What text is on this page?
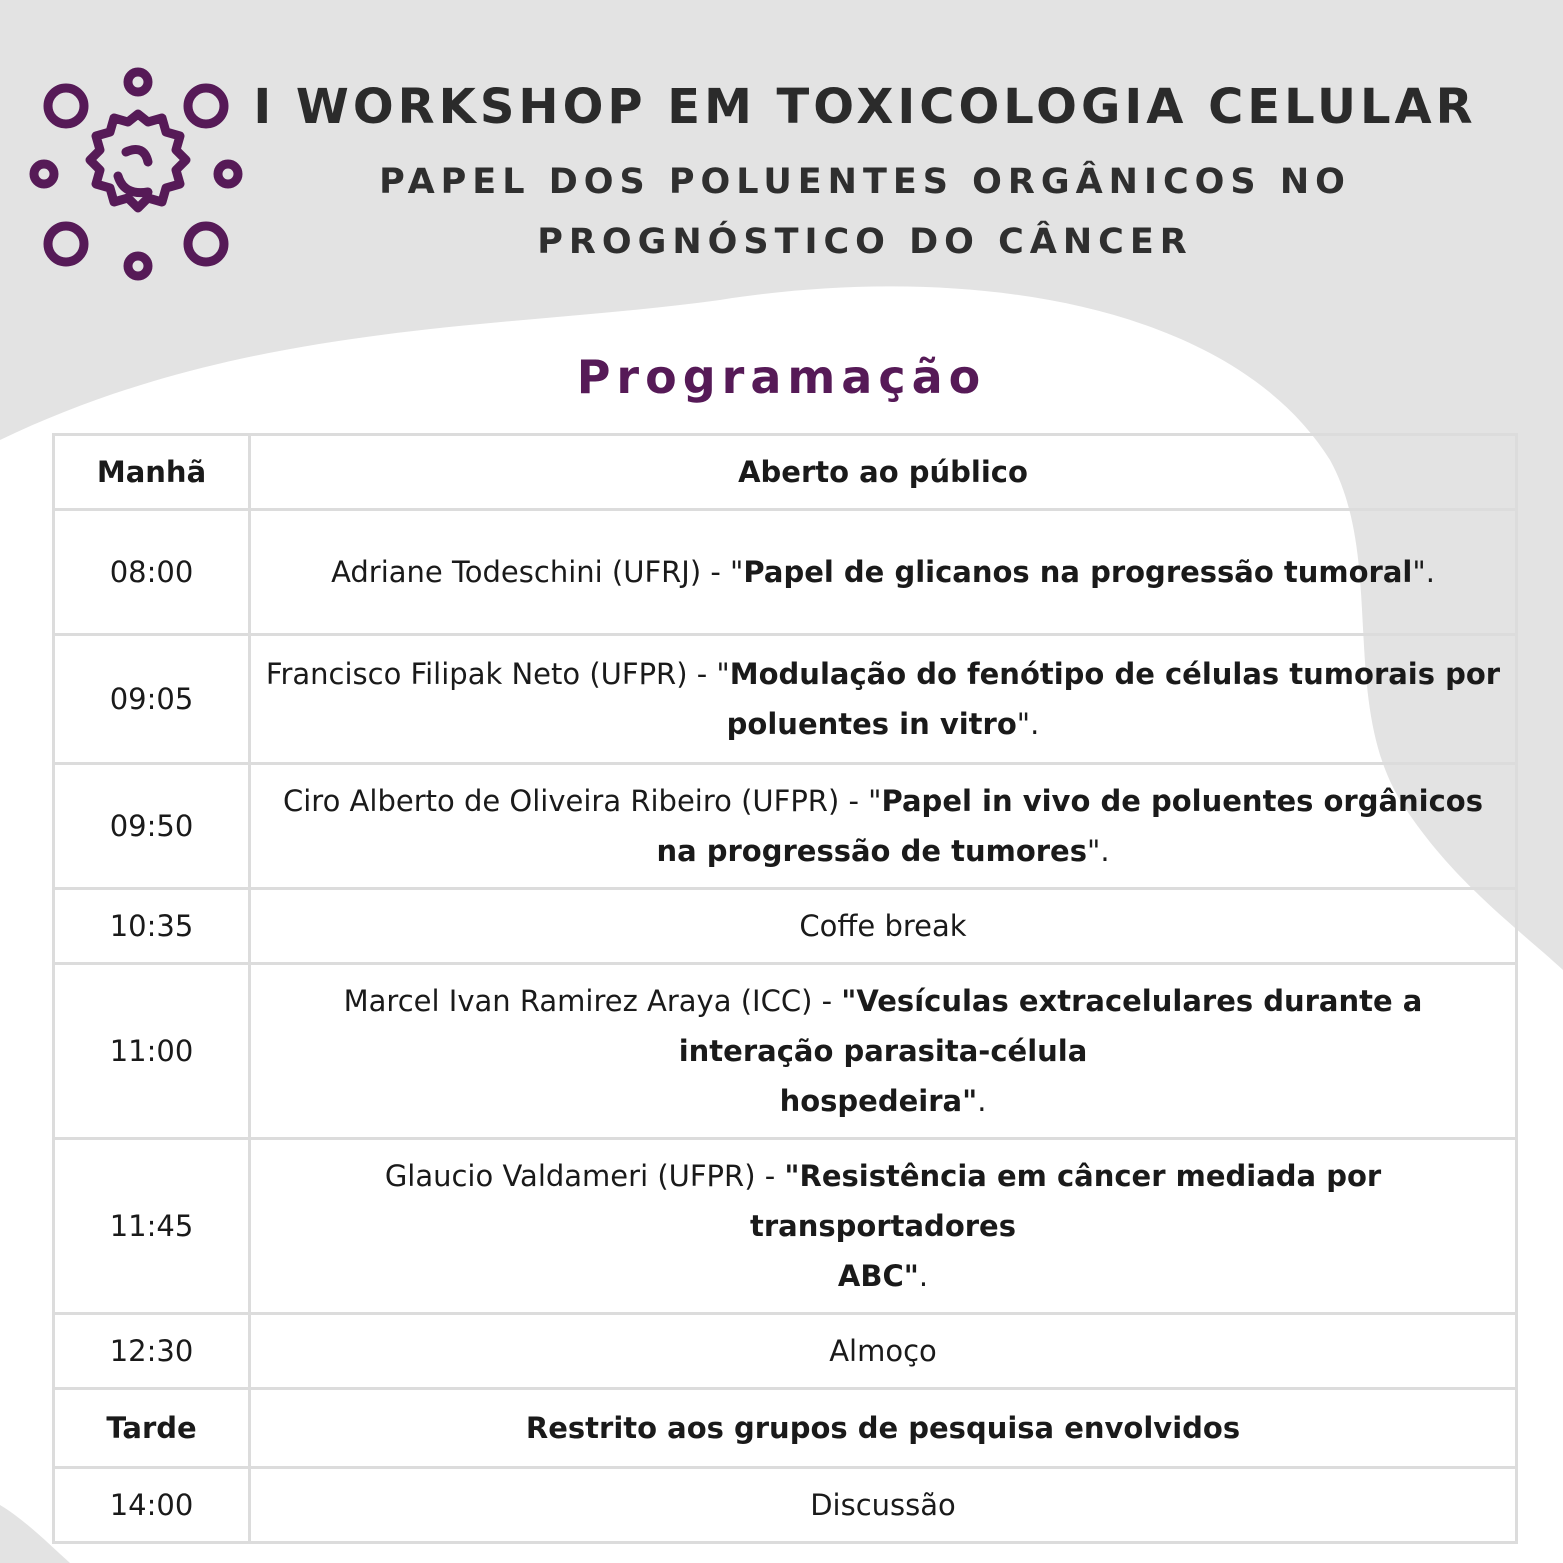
I WORKSHOP EM TOXICOLOGIA CELULAR
PAPEL DOS POLUENTES ORGÂNICOS NO PROGNÓSTICO DO CÂNCER
Programação
Manhã	Aberto ao público
08:00	Adriane Todeschini (UFRJ) - "Papel de glicanos na progressão tumoral".
09:05	Francisco Filipak Neto (UFPR) - "Modulação do fenótipo de células tumorais por poluentes in vitro".
09:50	Ciro Alberto de Oliveira Ribeiro (UFPR) - "Papel in vivo de poluentes orgânicos na progressão de tumores".
10:35	Coffe break
11:00	Marcel Ivan Ramirez Araya (ICC) - "Vesículas extracelulares durante a interação parasita-célula
hospedeira".
11:45	Glaucio Valdameri (UFPR) - "Resistência em câncer mediada por transportadores
ABC".
12:30	Almoço
Tarde	Restrito aos grupos de pesquisa envolvidos
14:00	Discussão
